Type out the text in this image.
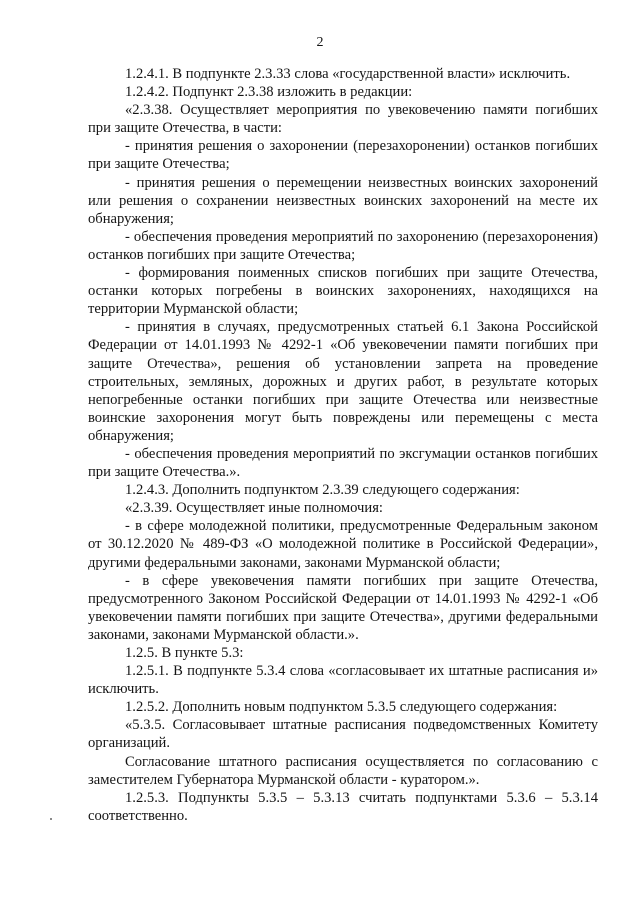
2

1.2.4.1. В подпункте 2.3.33 слова «государственной власти» исключить.

1.2.4.2. Подпункт 2.3.38 изложить в редакции:

«2.3.38. Осуществляет мероприятия по увековечению памяти погибших при защите Отечества, в части:

- принятия решения о захоронении (перезахоронении) останков погибших при защите Отечества;

- принятия решения о перемещении неизвестных воинских захоронений или решения о сохранении неизвестных воинских захоронений на месте их обнаружения;

- обеспечения проведения мероприятий по захоронению (перезахоронения) останков погибших при защите Отечества;

- формирования поименных списков погибших при защите Отечества, останки которых погребены в воинских захоронениях, находящихся на территории Мурманской области;

- принятия в случаях, предусмотренных статьей 6.1 Закона Российской Федерации от 14.01.1993 № 4292-1 «Об увековечении памяти погибших при защите Отечества», решения об установлении запрета на проведение строительных, земляных, дорожных и других работ, в результате которых непогребенные останки погибших при защите Отечества или неизвестные воинские захоронения могут быть повреждены или перемещены с места обнаружения;

- обеспечения проведения мероприятий по эксгумации останков погибших при защите Отечества.».

1.2.4.3. Дополнить подпунктом 2.3.39 следующего содержания:

«2.3.39. Осуществляет иные полномочия:

- в сфере молодежной политики, предусмотренные Федеральным законом от 30.12.2020 № 489-ФЗ «О молодежной политике в Российской Федерации», другими федеральными законами, законами Мурманской области;

- в сфере увековечения памяти погибших при защите Отечества, предусмотренного Законом Российской Федерации от 14.01.1993 № 4292-1 «Об увековечении памяти погибших при защите Отечества», другими федеральными законами, законами Мурманской области.».

1.2.5. В пункте 5.3:

1.2.5.1. В подпункте 5.3.4 слова «согласовывает их штатные расписания и» исключить.

1.2.5.2. Дополнить новым подпунктом 5.3.5 следующего содержания:

«5.3.5. Согласовывает штатные расписания подведомственных Комитету организаций.

Согласование штатного расписания осуществляется по согласованию с заместителем Губернатора Мурманской области - куратором.».

1.2.5.3. Подпункты 5.3.5 – 5.3.13 считать подпунктами 5.3.6 – 5.3.14 соответственно.
